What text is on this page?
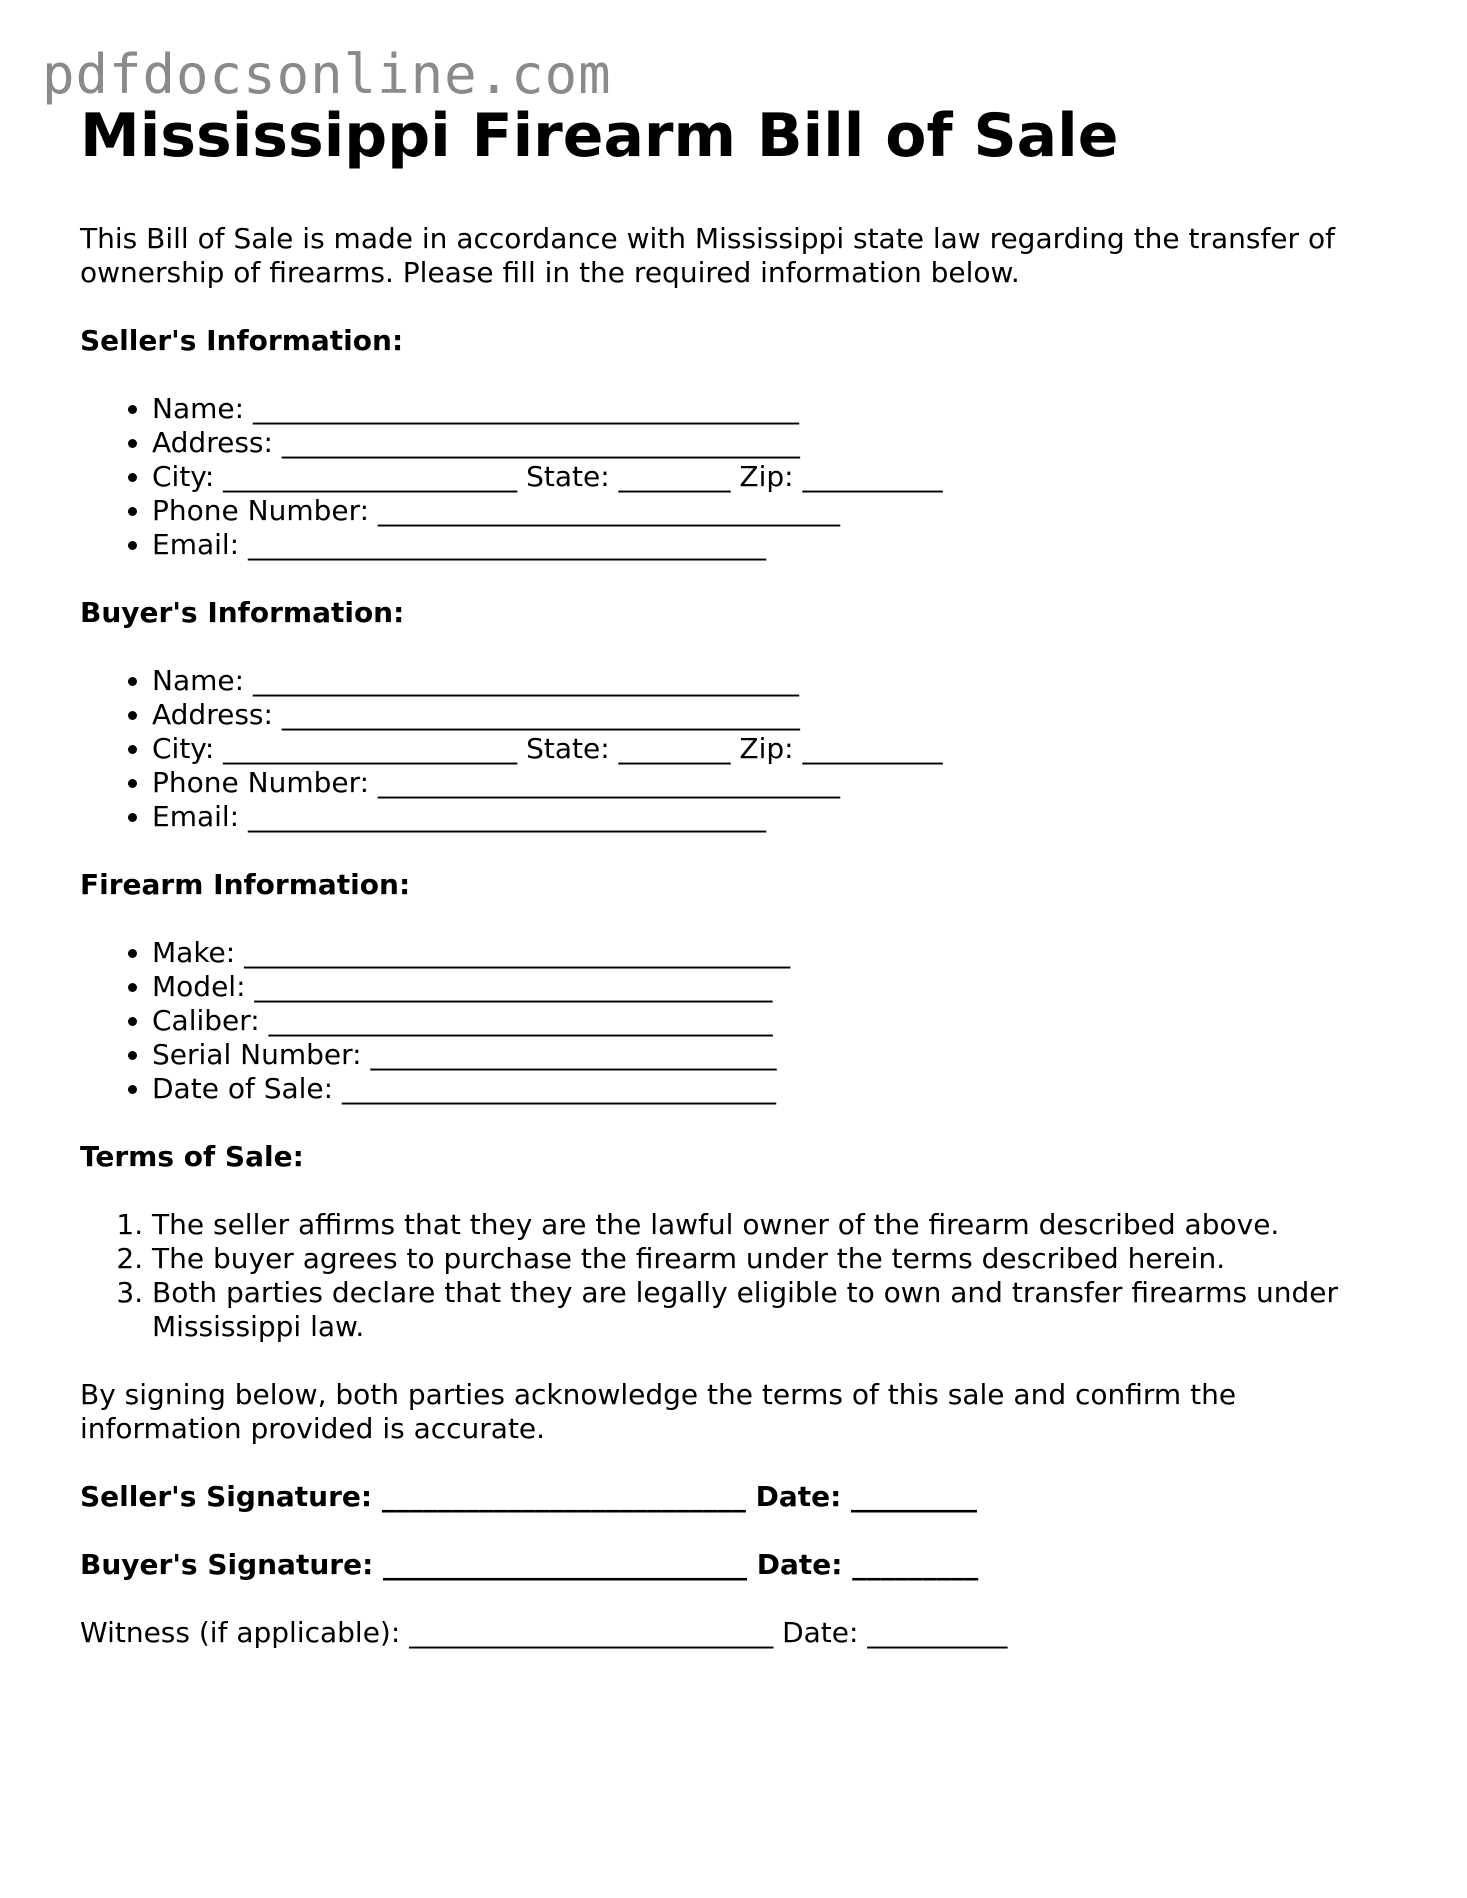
pdfdocsonline.com
Mississippi Firearm Bill of Sale

This Bill of Sale is made in accordance with Mississippi state law regarding the transfer of ownership of firearms. Please fill in the required information below.

Seller's Information:
• Name: _______________________________________
• Address: _____________________________________
• City: _____________________ State: ________ Zip: __________
• Phone Number: _________________________________
• Email: _____________________________________
Buyer's Information:
• Name: _______________________________________
• Address: _____________________________________
• City: _____________________ State: ________ Zip: __________
• Phone Number: _________________________________
• Email: _____________________________________
Firearm Information:
• Make: _______________________________________
• Model: _____________________________________
• Caliber: ____________________________________
• Serial Number: _____________________________
• Date of Sale: _______________________________
Terms of Sale:
1. The seller affirms that they are the lawful owner of the firearm described above.
2. The buyer agrees to purchase the firearm under the terms described herein.
3. Both parties declare that they are legally eligible to own and transfer firearms under Mississippi law.

By signing below, both parties acknowledge the terms of this sale and confirm the information provided is accurate.

Seller's Signature: __________________________ Date: _________

Buyer's Signature: __________________________ Date: _________

Witness (if applicable): __________________________ Date: __________
